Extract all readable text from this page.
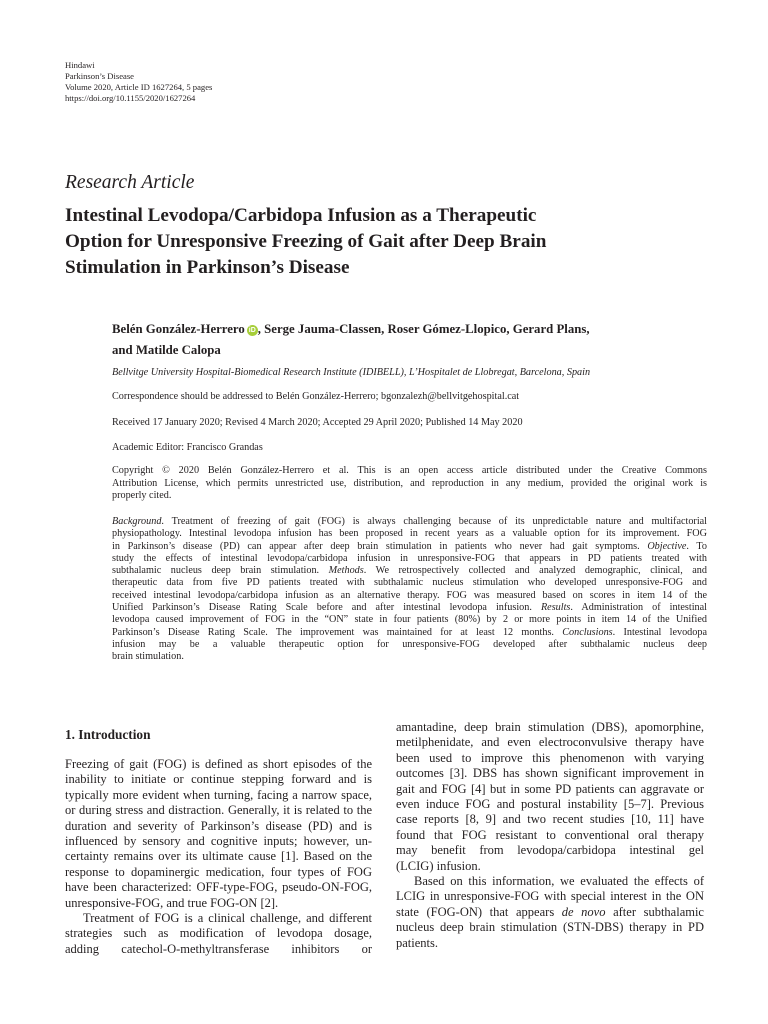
Hindawi
Parkinson’s Disease
Volume 2020, Article ID 1627264, 5 pages
https://doi.org/10.1155/2020/1627264
Research Article
Intestinal Levodopa/Carbidopa Infusion as a Therapeutic
Option for Unresponsive Freezing of Gait after Deep Brain
Stimulation in Parkinson’s Disease
Belén González-Herrero iD , Serge Jauma-Classen, Roser Gómez-Llopico, Gerard Plans,
and Matilde Calopa
Bellvitge University Hospital-Biomedical Research Institute (IDIBELL), L’Hospitalet de Llobregat, Barcelona, Spain
Correspondence should be addressed to Belén González-Herrero; bgonzalezh@bellvitgehospital.cat
Received 17 January 2020; Revised 4 March 2020; Accepted 29 April 2020; Published 14 May 2020
Academic Editor: Francisco Grandas
Copyright © 2020 Belén González-Herrero et al. This is an open access article distributed under the Creative Commons
Attribution License, which permits unrestricted use, distribution, and reproduction in any medium, provided the original work is
properly cited.
Background. Treatment of freezing of gait (FOG) is always challenging because of its unpredictable nature and multifactorial
physiopathology. Intestinal levodopa infusion has been proposed in recent years as a valuable option for its improvement. FOG
in Parkinson’s disease (PD) can appear after deep brain stimulation in patients who never had gait symptoms. Objective. To
study the effects of intestinal levodopa/carbidopa infusion in unresponsive-FOG that appears in PD patients treated with
subthalamic nucleus deep brain stimulation. Methods. We retrospectively collected and analyzed demographic, clinical, and
therapeutic data from five PD patients treated with subthalamic nucleus stimulation who developed unresponsive-FOG and
received intestinal levodopa/carbidopa infusion as an alternative therapy. FOG was measured based on scores in item 14 of the
Unified Parkinson’s Disease Rating Scale before and after intestinal levodopa infusion. Results. Administration of intestinal
levodopa caused improvement of FOG in the “ON” state in four patients (80%) by 2 or more points in item 14 of the Unified
Parkinson’s Disease Rating Scale. The improvement was maintained for at least 12 months. Conclusions. Intestinal levodopa
infusion may be a valuable therapeutic option for unresponsive-FOG developed after subthalamic nucleus deep
brain stimulation.
1. Introduction
Freezing of gait (FOG) is defined as short episodes of the
inability to initiate or continue stepping forward and is
typically more evident when turning, facing a narrow space,
or during stress and distraction. Generally, it is related to the
duration and severity of Parkinson’s disease (PD) and is
influenced by sensory and cognitive inputs; however, un-
certainty remains over its ultimate cause [1]. Based on the
response to dopaminergic medication, four types of FOG
have been characterized: OFF-type-FOG, pseudo-ON-FOG,
unresponsive-FOG, and true FOG-ON [2].
Treatment of FOG is a clinical challenge, and different
strategies such as modification of levodopa dosage,
adding catechol-O-methyltransferase inhibitors or
amantadine, deep brain stimulation (DBS), apomorphine,
metilphenidate, and even electroconvulsive therapy have
been used to improve this phenomenon with varying
outcomes [3]. DBS has shown significant improvement in
gait and FOG [4] but in some PD patients can aggravate or
even induce FOG and postural instability [5–7]. Previous
case reports [8, 9] and two recent studies [10, 11] have
found that FOG resistant to conventional oral therapy
may benefit from levodopa/carbidopa intestinal gel
(LCIG) infusion.
Based on this information, we evaluated the effects of
LCIG in unresponsive-FOG with special interest in the ON
state (FOG-ON) that appears de novo after subthalamic
nucleus deep brain stimulation (STN-DBS) therapy in PD
patients.
